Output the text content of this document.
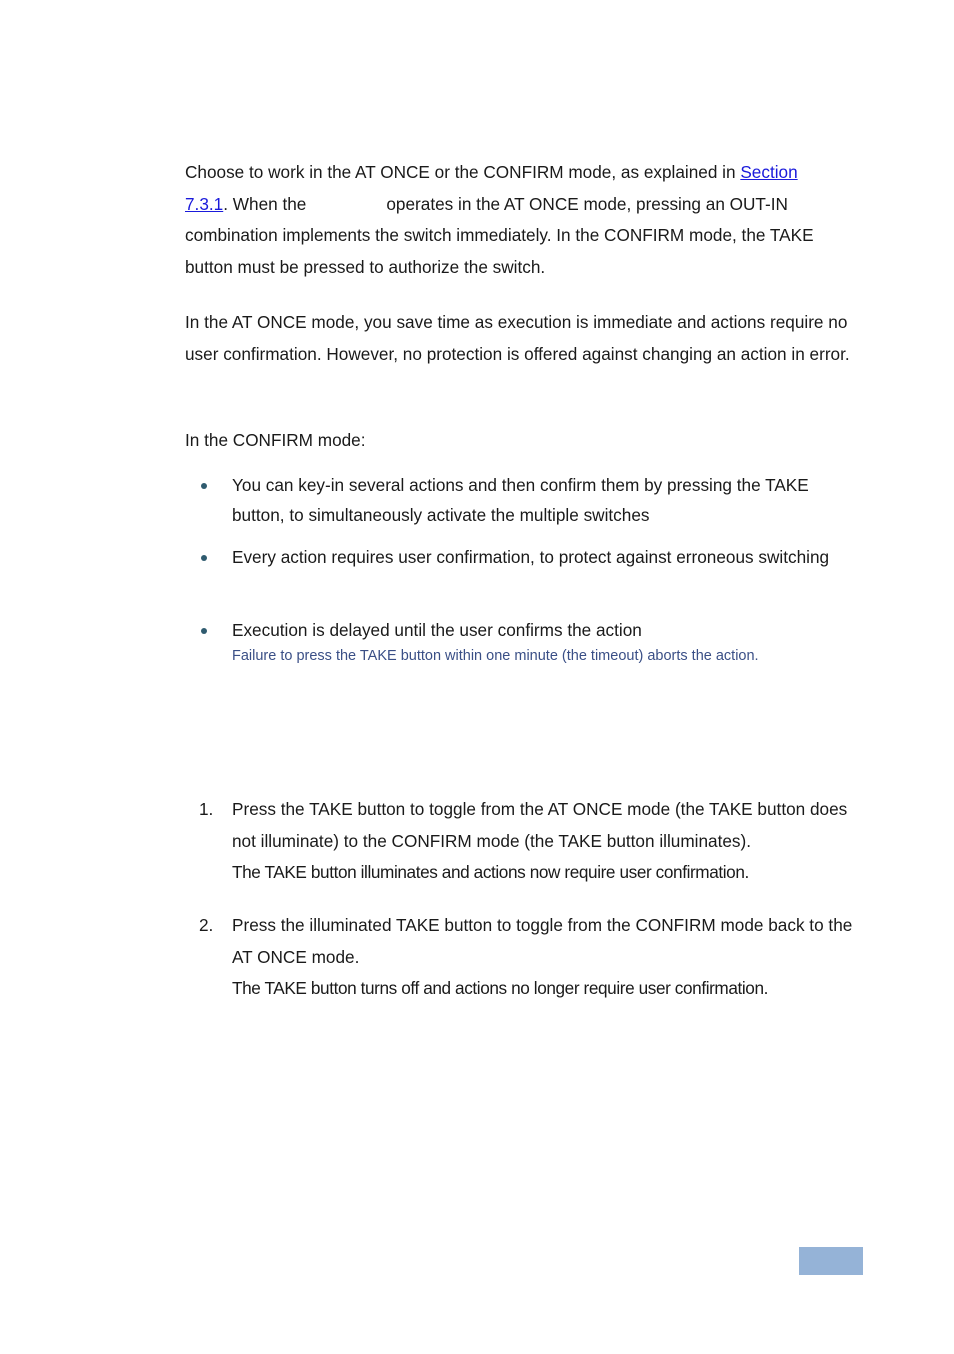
Choose to work in the AT ONCE or the CONFIRM mode, as explained in Section
7.3.1. When the	operates in the AT ONCE mode, pressing an OUT-IN combination implements the switch immediately. In the CONFIRM mode, the TAKE button must be pressed to authorize the switch.

In the AT ONCE mode, you save time as execution is immediate and actions require no user confirmation. However, no protection is offered against changing an action in error.

In the CONFIRM mode:

You can key-in several actions and then confirm them by pressing the TAKE button, to simultaneously activate the multiple switches
Every action requires user confirmation, to protect against erroneous switching
Execution is delayed until the user confirms the action
Failure to press the TAKE button within one minute (the timeout) aborts the action.
1. Press the TAKE button to toggle from the AT ONCE mode (the TAKE button does not illuminate) to the CONFIRM mode (the TAKE button illuminates).
The TAKE button illuminates and actions now require user confirmation.
2. Press the illuminated TAKE button to toggle from the CONFIRM mode back to the AT ONCE mode.
The TAKE button turns off and actions no longer require user confirmation.
